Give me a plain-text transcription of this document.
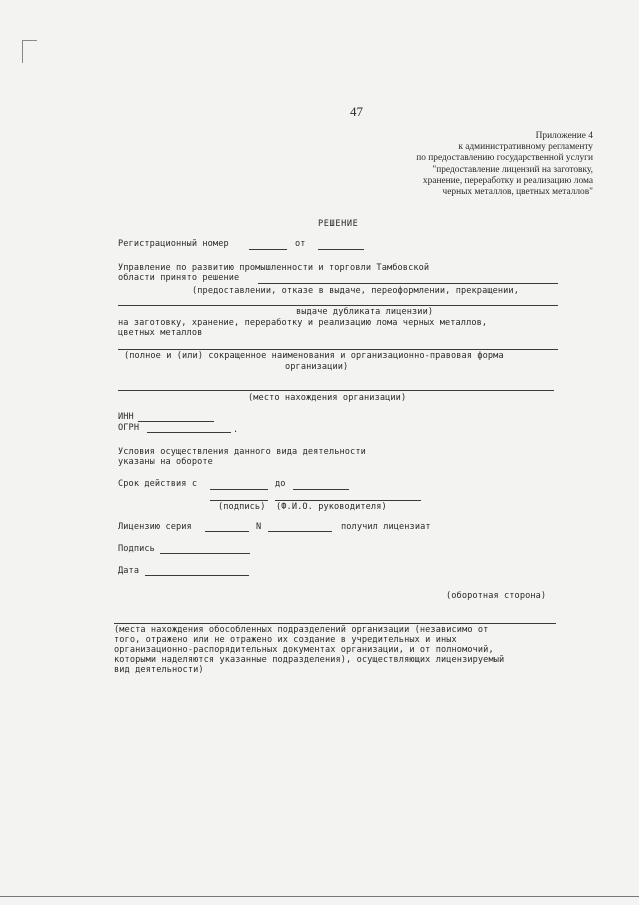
47
Приложение 4
к административному регламенту
по предоставлению государственной услуги
"предоставление лицензий на заготовку,
хранение, переработку и реализацию лома
черных металлов, цветных металлов"
РЕШЕНИЕ
Регистрационный номер	от
Управление по развитию промышленности и торговли Тамбовской
области принято решение
(предоставлении, отказе в выдаче, переоформлении, прекращении,
выдаче дубликата лицензии)
на заготовку, хранение, переработку и реализацию лома черных металлов,
цветных металлов
(полное и (или) сокращенное наименования и организационно-правовая форма
организации)
(место нахождения организации)
ИНН
ОГРН	.
Условия осуществления данного вида деятельности
указаны на обороте
Срок действия с	до
(подпись) (Ф.И.О. руководителя)
Лицензию серия	N	получил лицензиат
Подпись
Дата
(оборотная сторона)
(места нахождения обособленных подразделений организации (независимо от
того, отражено или не отражено их создание в учредительных и иных
организационно-распорядительных документах организации, и от полномочий,
которыми наделяются указанные подразделения), осуществляющих лицензируемый
вид деятельности)
